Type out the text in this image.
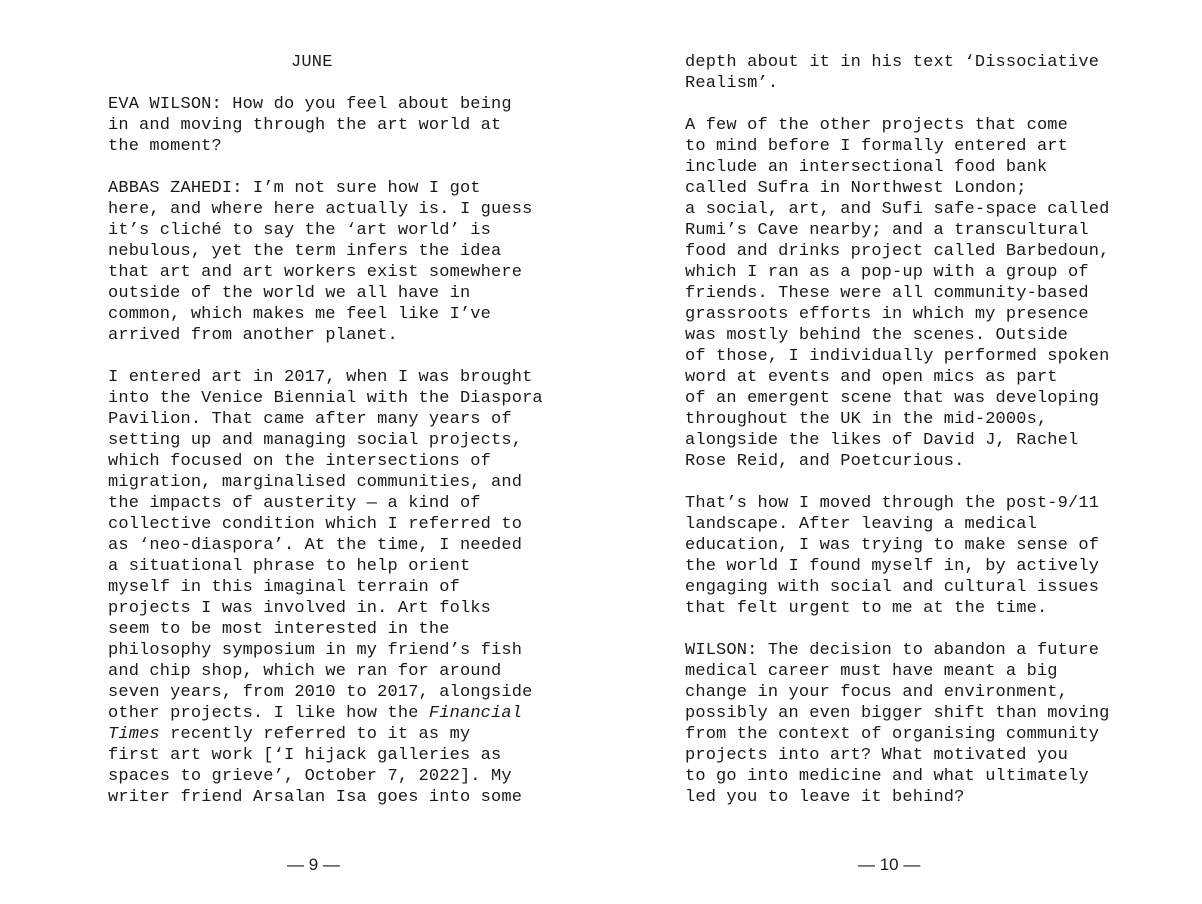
JUNE

EVA WILSON: How do you feel about being
in and moving through the art world at
the moment?

ABBAS ZAHEDI: I’m not sure how I got
here, and where here actually is. I guess
it’s cliché to say the ‘art world’ is
nebulous, yet the term infers the idea
that art and art workers exist somewhere
outside of the world we all have in
common, which makes me feel like I’ve
arrived from another planet.

I entered art in 2017, when I was brought
into the Venice Biennial with the Diaspora
Pavilion. That came after many years of
setting up and managing social projects,
which focused on the intersections of
migration, marginalised communities, and
the impacts of austerity — a kind of
collective condition which I referred to
as ‘neo-diaspora’. At the time, I needed
a situational phrase to help orient
myself in this imaginal terrain of
projects I was involved in. Art folks
seem to be most interested in the
philosophy symposium in my friend’s fish
and chip shop, which we ran for around
seven years, from 2010 to 2017, alongside
other projects. I like how the Financial
Times recently referred to it as my
first art work [‘I hijack galleries as
spaces to grieve’, October 7, 2022]. My
writer friend Arsalan Isa goes into some

— 9 —

depth about it in his text ‘Dissociative
Realism’.

A few of the other projects that come
to mind before I formally entered art
include an intersectional food bank
called Sufra in Northwest London;
a social, art, and Sufi safe-space called
Rumi’s Cave nearby; and a transcultural
food and drinks project called Barbedoun,
which I ran as a pop-up with a group of
friends. These were all community-based
grassroots efforts in which my presence
was mostly behind the scenes. Outside
of those, I individually performed spoken
word at events and open mics as part
of an emergent scene that was developing
throughout the UK in the mid-2000s,
alongside the likes of David J, Rachel
Rose Reid, and Poetcurious.

That’s how I moved through the post-9/11
landscape. After leaving a medical
education, I was trying to make sense of
the world I found myself in, by actively
engaging with social and cultural issues
that felt urgent to me at the time.

WILSON: The decision to abandon a future
medical career must have meant a big
change in your focus and environment,
possibly an even bigger shift than moving
from the context of organising community
projects into art? What motivated you
to go into medicine and what ultimately
led you to leave it behind?

— 10 —
